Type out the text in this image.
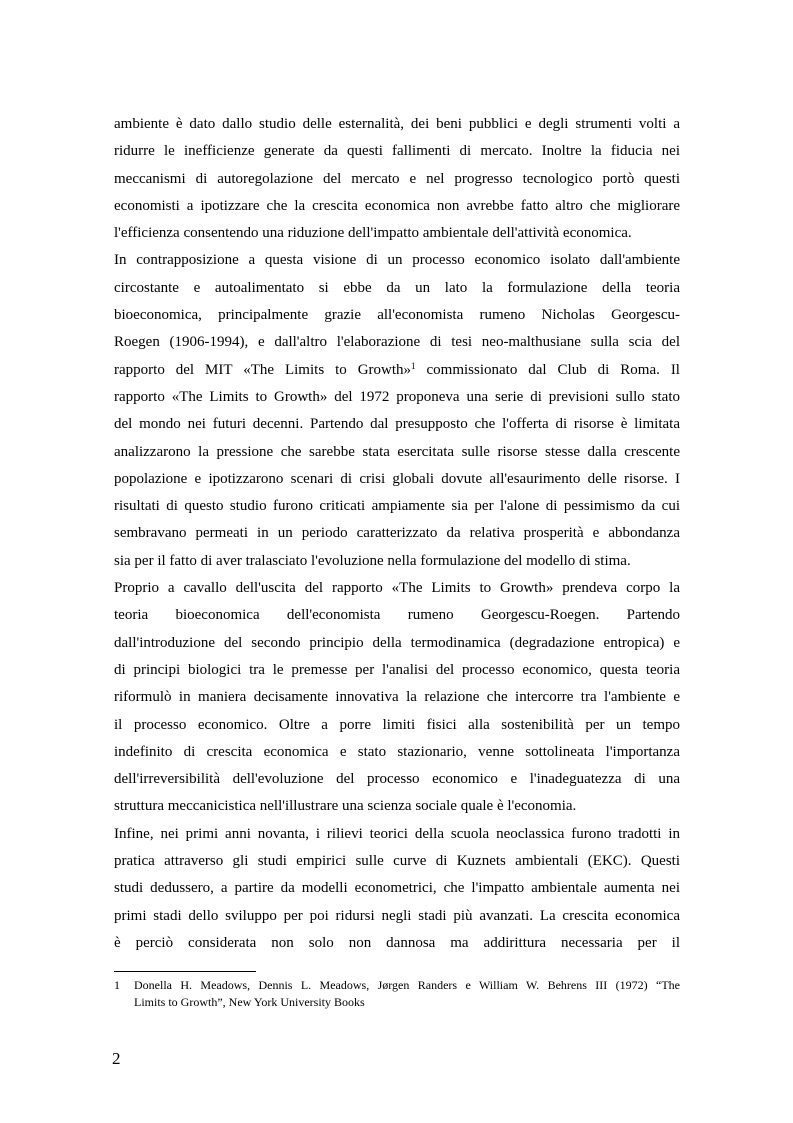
ambiente è dato dallo studio delle esternalità, dei beni pubblici e degli strumenti volti a
ridurre le inefficienze generate da questi fallimenti di mercato. Inoltre la fiducia nei
meccanismi di autoregolazione del mercato e nel progresso tecnologico portò questi
economisti a ipotizzare che la crescita economica non avrebbe fatto altro che migliorare
l'efficienza consentendo una riduzione dell'impatto ambientale dell'attività economica.

In contrapposizione a questa visione di un processo economico isolato dall'ambiente
circostante e autoalimentato si ebbe da un lato la formulazione della teoria
bioeconomica, principalmente grazie all'economista rumeno Nicholas Georgescu-
Roegen (1906-1994), e dall'altro l'elaborazione di tesi neo-malthusiane sulla scia del
rapporto del MIT «The Limits to Growth»$^1$ commissionato dal Club di Roma. Il
rapporto «The Limits to Growth» del 1972 proponeva una serie di previsioni sullo stato
del mondo nei futuri decenni. Partendo dal presupposto che l'offerta di risorse è limitata
analizzarono la pressione che sarebbe stata esercitata sulle risorse stesse dalla crescente
popolazione e ipotizzarono scenari di crisi globali dovute all'esaurimento delle risorse. I
risultati di questo studio furono criticati ampiamente sia per l'alone di pessimismo da cui
sembravano permeati in un periodo caratterizzato da relativa prosperità e abbondanza
sia per il fatto di aver tralasciato l'evoluzione nella formulazione del modello di stima.

Proprio a cavallo dell'uscita del rapporto «The Limits to Growth» prendeva corpo la
teoria bioeconomica dell'economista rumeno Georgescu-Roegen. Partendo
dall'introduzione del secondo principio della termodinamica (degradazione entropica) e
di principi biologici tra le premesse per l'analisi del processo economico, questa teoria
riformulò in maniera decisamente innovativa la relazione che intercorre tra l'ambiente e
il processo economico. Oltre a porre limiti fisici alla sostenibilità per un tempo
indefinito di crescita economica e stato stazionario, venne sottolineata l'importanza
dell'irreversibilità dell'evoluzione del processo economico e l'inadeguatezza di una
struttura meccanicistica nell'illustrare una scienza sociale quale è l'economia.

Infine, nei primi anni novanta, i rilievi teorici della scuola neoclassica furono tradotti in
pratica attraverso gli studi empirici sulle curve di Kuznets ambientali (EKC). Questi
studi dedussero, a partire da modelli econometrici, che l'impatto ambientale aumenta nei
primi stadi dello sviluppo per poi ridursi negli stadi più avanzati. La crescita economica
è perciò considerata non solo non dannosa ma addirittura necessaria per il

1	Donella H. Meadows, Dennis L. Meadows, Jørgen Randers e William W. Behrens III (1972) “The
Limits to Growth”, New York University Books
2
